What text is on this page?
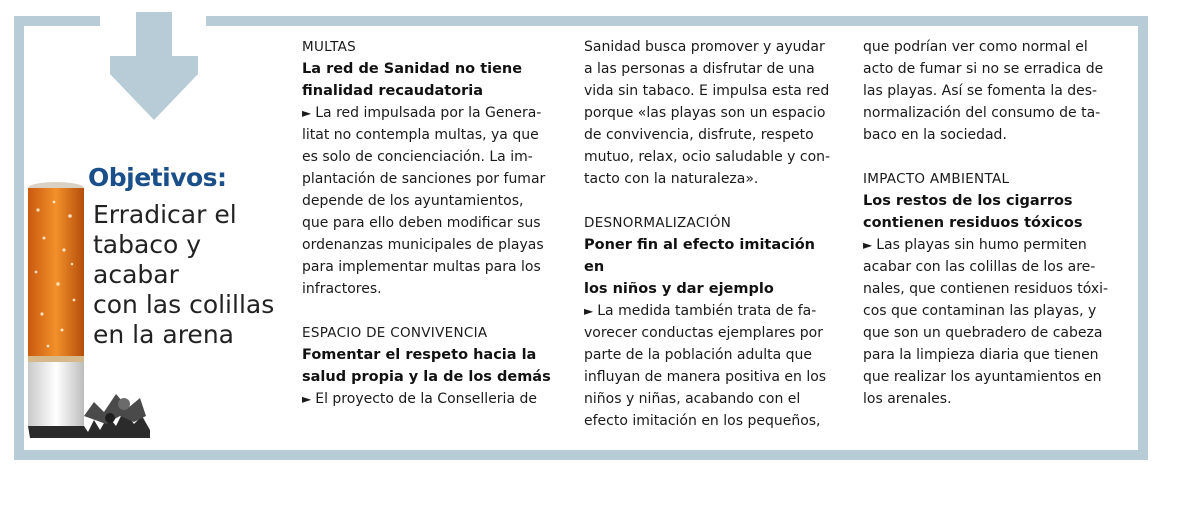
Objetivos:

Erradicar el
tabaco y acabar
con las colillas
en la arena

MULTAS

La red de Sanidad no tiene
finalidad recaudatoria

► La red impulsada por la Genera-
litat no contempla multas, ya que
es solo de concienciación. La im-
plantación de sanciones por fumar
depende de los ayuntamientos,
que para ello deben modificar sus
ordenanzas municipales de playas
para implementar multas para los
infractores.

ESPACIO DE CONVIVENCIA

Fomentar el respeto hacia la
salud propia y la de los demás

► El proyecto de la Conselleria de

Sanidad busca promover y ayudar
a las personas a disfrutar de una
vida sin tabaco. E impulsa esta red
porque «las playas son un espacio
de convivencia, disfrute, respeto
mutuo, relax, ocio saludable y con-
tacto con la naturaleza».

DESNORMALIZACIÓN

Poner fin al efecto imitación en
los niños y dar ejemplo

► La medida también trata de fa-
vorecer conductas ejemplares por
parte de la población adulta que
influyan de manera positiva en los
niños y niñas, acabando con el
efecto imitación en los pequeños,

que podrían ver como normal el
acto de fumar si no se erradica de
las playas. Así se fomenta la des-
normalización del consumo de ta-
baco en la sociedad.

IMPACTO AMBIENTAL

Los restos de los cigarros
contienen residuos tóxicos

► Las playas sin humo permiten
acabar con las colillas de los are-
nales, que contienen residuos tóxi-
cos que contaminan las playas, y
que son un quebradero de cabeza
para la limpieza diaria que tienen
que realizar los ayuntamientos en
los arenales.
